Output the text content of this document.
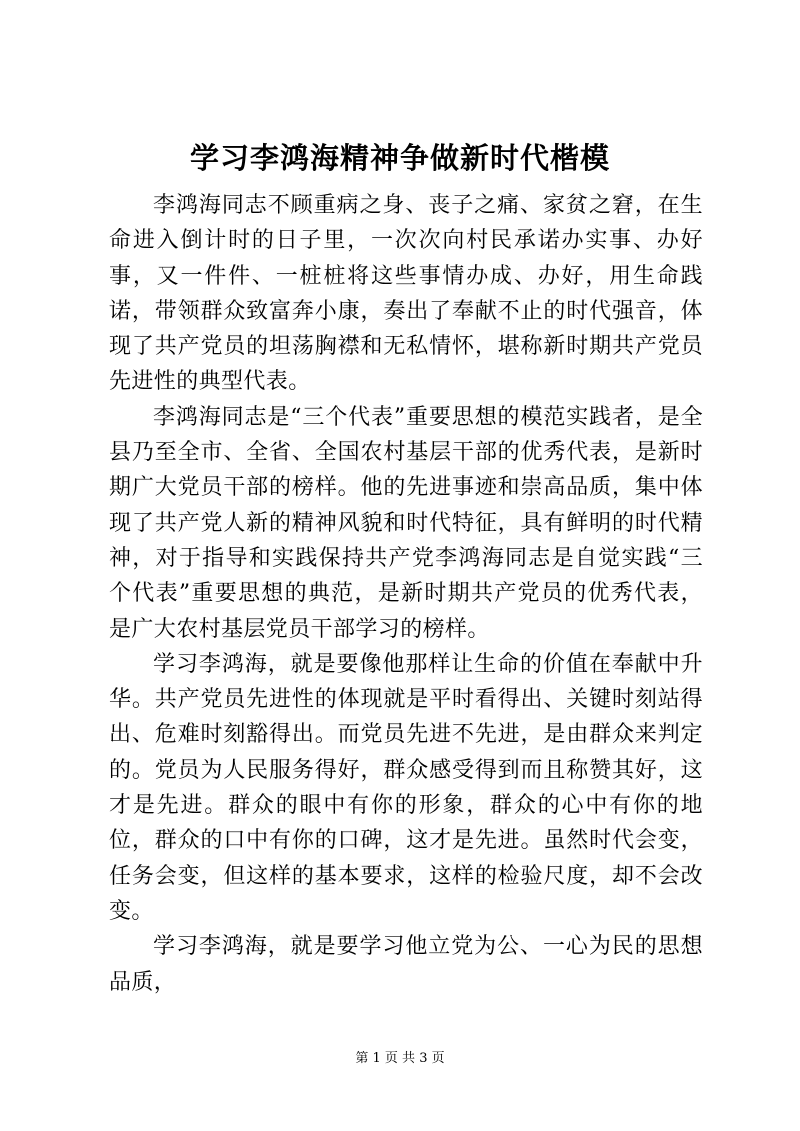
学习李鸿海精神争做新时代楷模

李鸿海同志不顾重病之身、丧子之痛、家贫之窘，在生命进入倒计时的日子里，一次次向村民承诺办实事、办好事，又一件件、一桩桩将这些事情办成、办好，用生命践诺，带领群众致富奔小康，奏出了奉献不止的时代强音，体现了共产党员的坦荡胸襟和无私情怀，堪称新时期共产党员先进性的典型代表。

李鸿海同志是“三个代表”重要思想的模范实践者，是全县乃至全市、全省、全国农村基层干部的优秀代表，是新时期广大党员干部的榜样。他的先进事迹和崇高品质，集中体现了共产党人新的精神风貌和时代特征，具有鲜明的时代精神，对于指导和实践保持共产党李鸿海同志是自觉实践“三个代表”重要思想的典范，是新时期共产党员的优秀代表，是广大农村基层党员干部学习的榜样。

学习李鸿海，就是要像他那样让生命的价值在奉献中升华。共产党员先进性的体现就是平时看得出、关键时刻站得出、危难时刻豁得出。而党员先进不先进，是由群众来判定的。党员为人民服务得好，群众感受得到而且称赞其好，这才是先进。群众的眼中有你的形象，群众的心中有你的地位，群众的口中有你的口碑，这才是先进。虽然时代会变，任务会变，但这样的基本要求，这样的检验尺度，却不会改变。

学习李鸿海，就是要学习他立党为公、一心为民的思想品质，

第 1 页 共 3 页
